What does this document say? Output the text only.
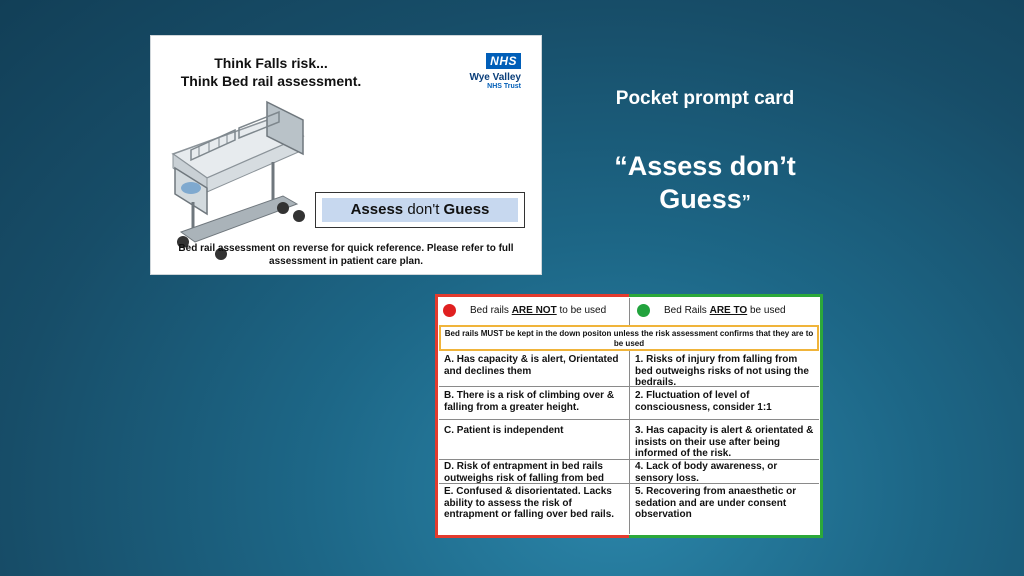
Think Falls risk...
Think Bed rail assessment.
NHS
Wye Valley
NHS Trust
Assess don't Guess
Bed rail assessment on reverse for quick reference. Please refer to full assessment in patient care plan.
Pocket prompt card
“Assess don’t
Guess”
Bed rails ARE NOT to be used	Bed Rails ARE TO be used
Bed rails MUST be kept in the down positon unless the risk assessment confirms that they are to be used
A. Has capacity & is alert, Orientated and declines them
1. Risks of injury from falling from bed outweighs risks of not using the bedrails.
B. There is a risk of climbing over & falling from a greater height.
2. Fluctuation of level of consciousness, consider 1:1
C. Patient is independent	3. Has capacity is alert & orientated & insists on their use after being informed of the risk.
D. Risk of entrapment in bed rails outweighs risk of falling from bed
4. Lack of body awareness, or sensory loss.
E. Confused & disorientated. Lacks ability to assess the risk of entrapment or falling over bed rails.
5. Recovering from anaesthetic or sedation and are under consent observation
